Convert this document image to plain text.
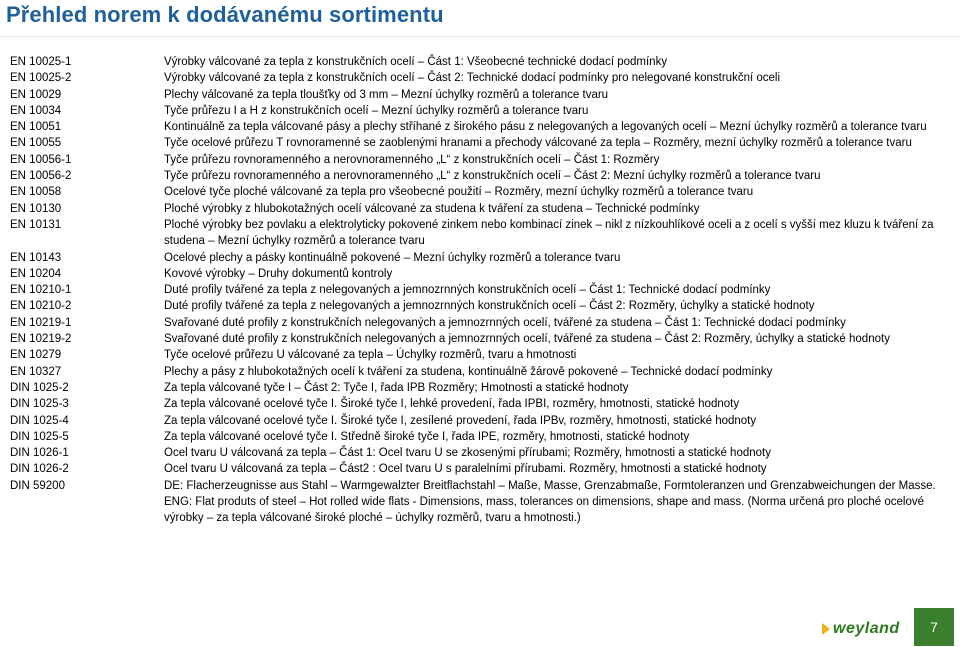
Přehled norem k dodávanému sortimentu
EN 10025-1	Výrobky válcované za tepla z konstrukčních ocelí – Část 1: Všeobecné technické dodací podmínky
EN 10025-2	Výrobky válcované za tepla z konstrukčních ocelí – Část 2: Technické dodací podmínky pro nelegované konstrukční oceli
EN 10029	Plechy válcované za tepla tloušťky od 3 mm – Mezní úchylky rozměrů a tolerance tvaru
EN 10034	Tyče průřezu I a H z konstrukčních ocelí – Mezní úchylky rozměrů a tolerance tvaru
EN 10051	Kontinuálně za tepla válcované pásy a plechy stříhané z širokého pásu z nelegovaných a legovaných ocelí – Mezní úchylky rozměrů a tolerance tvaru
EN 10055	Tyče ocelové průřezu T rovnoramenné se zaoblenými hranami a přechody válcované za tepla – Rozměry, mezní úchylky rozměrů a tolerance tvaru
EN 10056-1	Tyče průřezu rovnoramenného a nerovnoramenného „L“ z konstrukčních ocelí – Část 1: Rozměry
EN 10056-2	Tyče průřezu rovnoramenného a nerovnoramenného „L“ z konstrukčních ocelí – Část 2: Mezní úchylky rozměrů a tolerance tvaru
EN 10058	Ocelové tyče ploché válcované za tepla pro všeobecné použití – Rozměry, mezní úchylky rozměrů a tolerance tvaru
EN 10130	Ploché výrobky z hlubokotažných ocelí válcované za studena k tváření za studena – Technické podmínky
EN 10131	Ploché výrobky bez povlaku a elektrolyticky pokovené zinkem nebo kombinací zinek – nikl z nízkouhlíkové oceli a z ocelí s vyšší mez kluzu k tváření za studena – Mezní úchylky rozměrů a tolerance tvaru
EN 10143	Ocelové plechy a pásky kontinuálně pokovené – Mezní úchylky rozměrů a tolerance tvaru
EN 10204	Kovové výrobky – Druhy dokumentů kontroly
EN 10210-1	Duté profily tvářené za tepla z nelegovaných a jemnozrnných konstrukčních ocelí – Část 1: Technické dodací podmínky
EN 10210-2	Duté profily tvářené za tepla z nelegovaných a jemnozrnných konstrukčních ocelí – Část 2: Rozměry, úchylky a statické hodnoty
EN 10219-1	Svařované duté profily z konstrukčních nelegovaných a jemnozrnných ocelí, tvářené za studena – Část 1: Technické dodací podmínky
EN 10219-2	Svařované duté profily z konstrukčních nelegovaných a jemnozrnných ocelí, tvářené za studena – Část 2: Rozměry, úchylky a statické hodnoty
EN 10279	Tyče ocelové průřezu U válcované za tepla – Úchylky rozměrů, tvaru a hmotnosti
EN 10327	Plechy a pásy z hlubokotažných ocelí k tváření za studena, kontinuálně žárově pokovené – Technické dodací podmínky
DIN 1025-2	Za tepla válcované tyče I – Část 2: Tyče I, řada IPB Rozměry; Hmotnosti a statické hodnoty
DIN 1025-3	Za tepla válcované ocelové tyče I. Široké tyče I, lehké provedení, řada IPBI, rozměry, hmotnosti, statické hodnoty
DIN 1025-4	Za tepla válcované ocelové tyče I. Široké tyče I, zesílené provedení, řada IPBv, rozměry, hmotnosti, statické hodnoty
DIN 1025-5	Za tepla válcované ocelové tyče I. Středně široké tyče I, řada IPE, rozměry, hmotnosti, statické hodnoty
DIN 1026-1	Ocel tvaru U válcovaná za tepla – Část 1: Ocel tvaru U se zkosenými přírubami; Rozměry, hmotnosti a statické hodnoty
DIN 1026-2	Ocel tvaru U válcovaná za tepla – Část2 : Ocel tvaru U s paralelními přírubami. Rozměry, hmotnosti a statické hodnoty
DIN 59200	DE: Flacherzeugnisse aus Stahl – Warmgewalzter Breitflachstahl – Maße, Masse, Grenzabmaße, Formtoleranzen und Grenzabweichungen der Masse.
ENG: Flat produts of steel – Hot rolled wide flats - Dimensions, mass, tolerances on dimensions, shape and mass. (Norma určená pro ploché ocelové výrobky – za tepla válcované široké ploché – úchylky rozměrů, tvaru a hmotnosti.)
weyland	7
